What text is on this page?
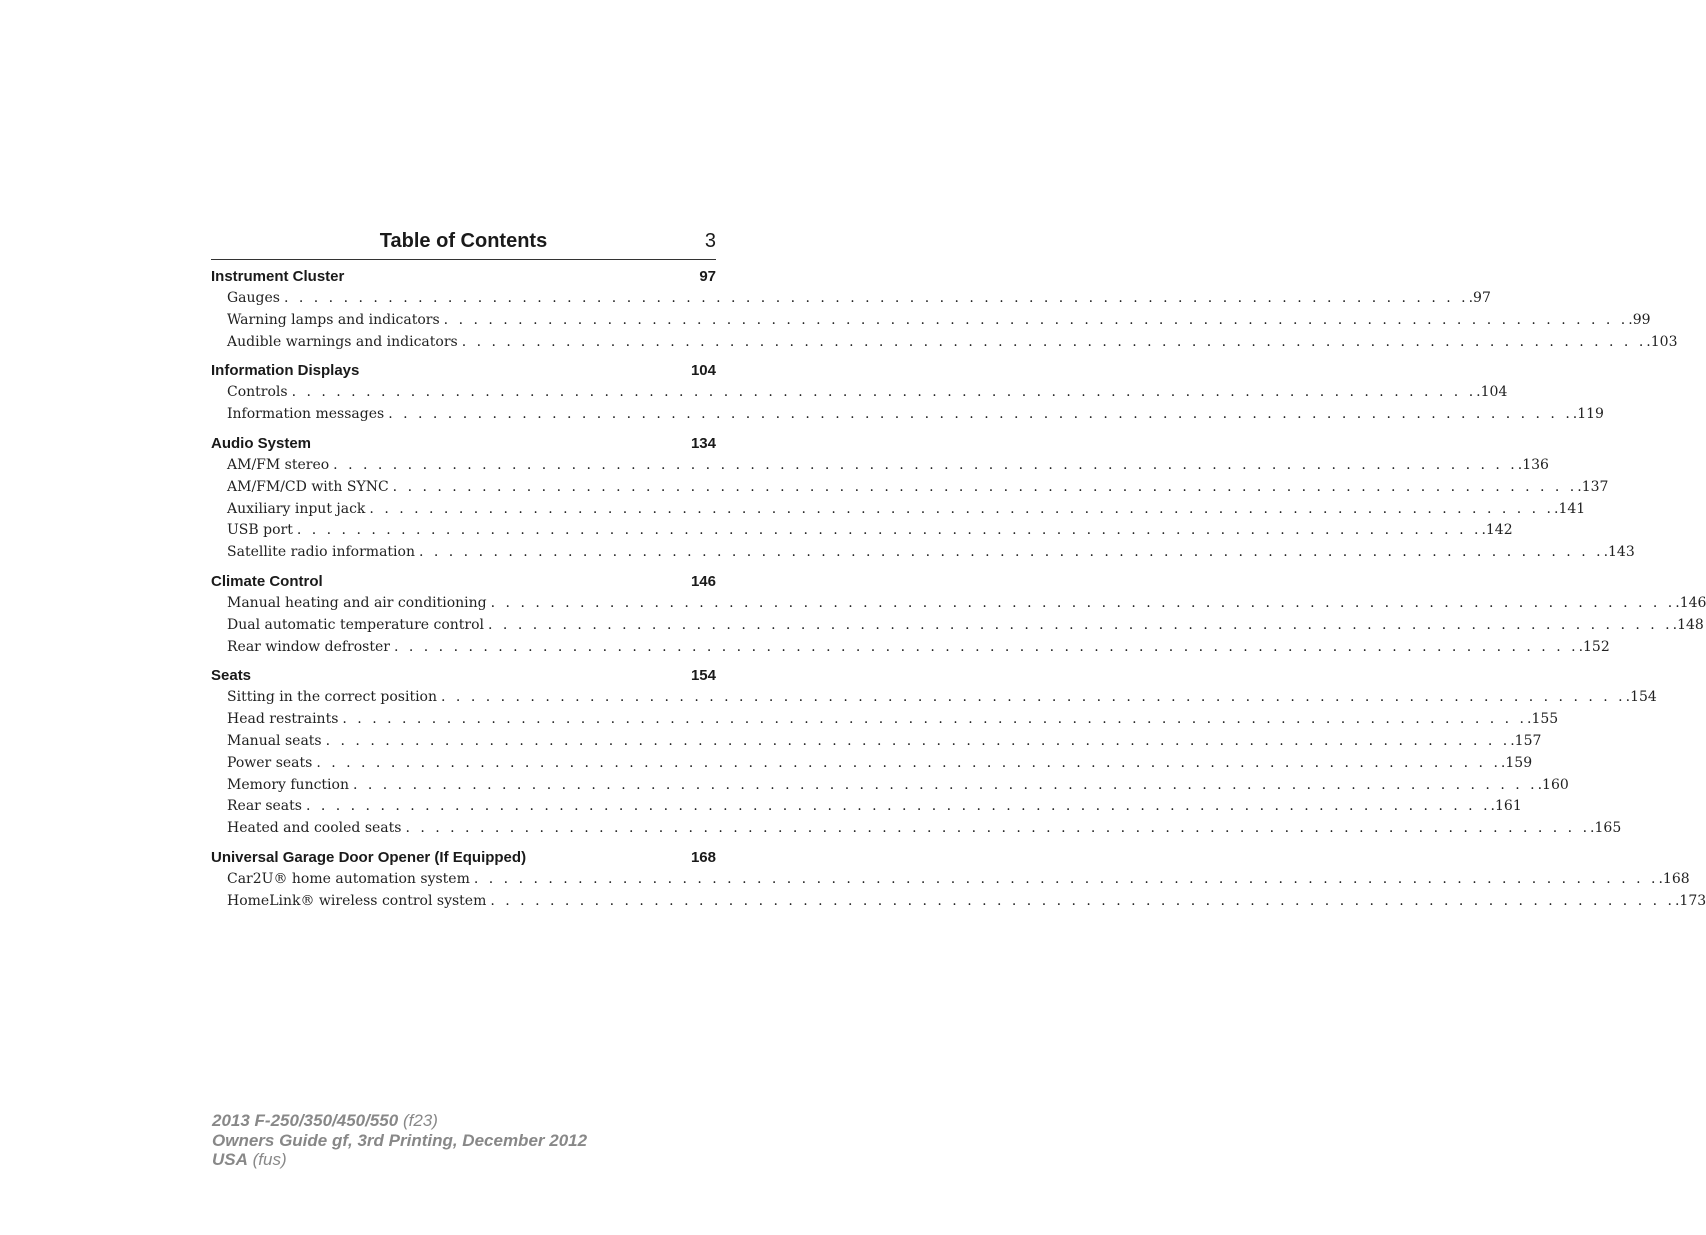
Table of Contents	3
Instrument Cluster	97
Gauges . . . . . . . . . . . . . . . . . . . . . . . . . . . . . . . . . . . . . . . . . . . . . . . . . . . . . . . . . . . . . . . . . . . . . . . . . . . . . . . . . 97
Warning lamps and indicators . . . . . . . . . . . . . . . . . . . . . . . . . . . . . . . . . . . . . . . . . . . . . . . . . . . . . . . . . . . . . . . . . . . . . . . . . . . . . . . . . 99
Audible warnings and indicators . . . . . . . . . . . . . . . . . . . . . . . . . . . . . . . . . . . . . . . . . . . . . . . . . . . . . . . . . . . . . . . . . . . . . . . . . . . . . . . . . 103
Information Displays	104
Controls . . . . . . . . . . . . . . . . . . . . . . . . . . . . . . . . . . . . . . . . . . . . . . . . . . . . . . . . . . . . . . . . . . . . . . . . . . . . . . . . . 104
Information messages . . . . . . . . . . . . . . . . . . . . . . . . . . . . . . . . . . . . . . . . . . . . . . . . . . . . . . . . . . . . . . . . . . . . . . . . . . . . . . . . . 119
Audio System	134
AM/FM stereo . . . . . . . . . . . . . . . . . . . . . . . . . . . . . . . . . . . . . . . . . . . . . . . . . . . . . . . . . . . . . . . . . . . . . . . . . . . . . . . . . 136
AM/FM/CD with SYNC . . . . . . . . . . . . . . . . . . . . . . . . . . . . . . . . . . . . . . . . . . . . . . . . . . . . . . . . . . . . . . . . . . . . . . . . . . . . . . . . . 137
Auxiliary input jack . . . . . . . . . . . . . . . . . . . . . . . . . . . . . . . . . . . . . . . . . . . . . . . . . . . . . . . . . . . . . . . . . . . . . . . . . . . . . . . . . 141
USB port . . . . . . . . . . . . . . . . . . . . . . . . . . . . . . . . . . . . . . . . . . . . . . . . . . . . . . . . . . . . . . . . . . . . . . . . . . . . . . . . . 142
Satellite radio information . . . . . . . . . . . . . . . . . . . . . . . . . . . . . . . . . . . . . . . . . . . . . . . . . . . . . . . . . . . . . . . . . . . . . . . . . . . . . . . . . 143
Climate Control	146
Manual heating and air conditioning . . . . . . . . . . . . . . . . . . . . . . . . . . . . . . . . . . . . . . . . . . . . . . . . . . . . . . . . . . . . . . . . . . . . . . . . . . . . . . . . . 146
Dual automatic temperature control . . . . . . . . . . . . . . . . . . . . . . . . . . . . . . . . . . . . . . . . . . . . . . . . . . . . . . . . . . . . . . . . . . . . . . . . . . . . . . . . . 148
Rear window defroster . . . . . . . . . . . . . . . . . . . . . . . . . . . . . . . . . . . . . . . . . . . . . . . . . . . . . . . . . . . . . . . . . . . . . . . . . . . . . . . . . 152
Seats	154
Sitting in the correct position . . . . . . . . . . . . . . . . . . . . . . . . . . . . . . . . . . . . . . . . . . . . . . . . . . . . . . . . . . . . . . . . . . . . . . . . . . . . . . . . . 154
Head restraints . . . . . . . . . . . . . . . . . . . . . . . . . . . . . . . . . . . . . . . . . . . . . . . . . . . . . . . . . . . . . . . . . . . . . . . . . . . . . . . . . 155
Manual seats . . . . . . . . . . . . . . . . . . . . . . . . . . . . . . . . . . . . . . . . . . . . . . . . . . . . . . . . . . . . . . . . . . . . . . . . . . . . . . . . . 157
Power seats . . . . . . . . . . . . . . . . . . . . . . . . . . . . . . . . . . . . . . . . . . . . . . . . . . . . . . . . . . . . . . . . . . . . . . . . . . . . . . . . . 159
Memory function . . . . . . . . . . . . . . . . . . . . . . . . . . . . . . . . . . . . . . . . . . . . . . . . . . . . . . . . . . . . . . . . . . . . . . . . . . . . . . . . . 160
Rear seats . . . . . . . . . . . . . . . . . . . . . . . . . . . . . . . . . . . . . . . . . . . . . . . . . . . . . . . . . . . . . . . . . . . . . . . . . . . . . . . . . 161
Heated and cooled seats . . . . . . . . . . . . . . . . . . . . . . . . . . . . . . . . . . . . . . . . . . . . . . . . . . . . . . . . . . . . . . . . . . . . . . . . . . . . . . . . . 165
Universal Garage Door Opener (If Equipped)	168
Car2U® home automation system . . . . . . . . . . . . . . . . . . . . . . . . . . . . . . . . . . . . . . . . . . . . . . . . . . . . . . . . . . . . . . . . . . . . . . . . . . . . . . . . . 168
HomeLink® wireless control system . . . . . . . . . . . . . . . . . . . . . . . . . . . . . . . . . . . . . . . . . . . . . . . . . . . . . . . . . . . . . . . . . . . . . . . . . . . . . . . . . 173
2013 F-250/350/450/550 (f23)
Owners Guide gf, 3rd Printing, December 2012
USA (fus)
